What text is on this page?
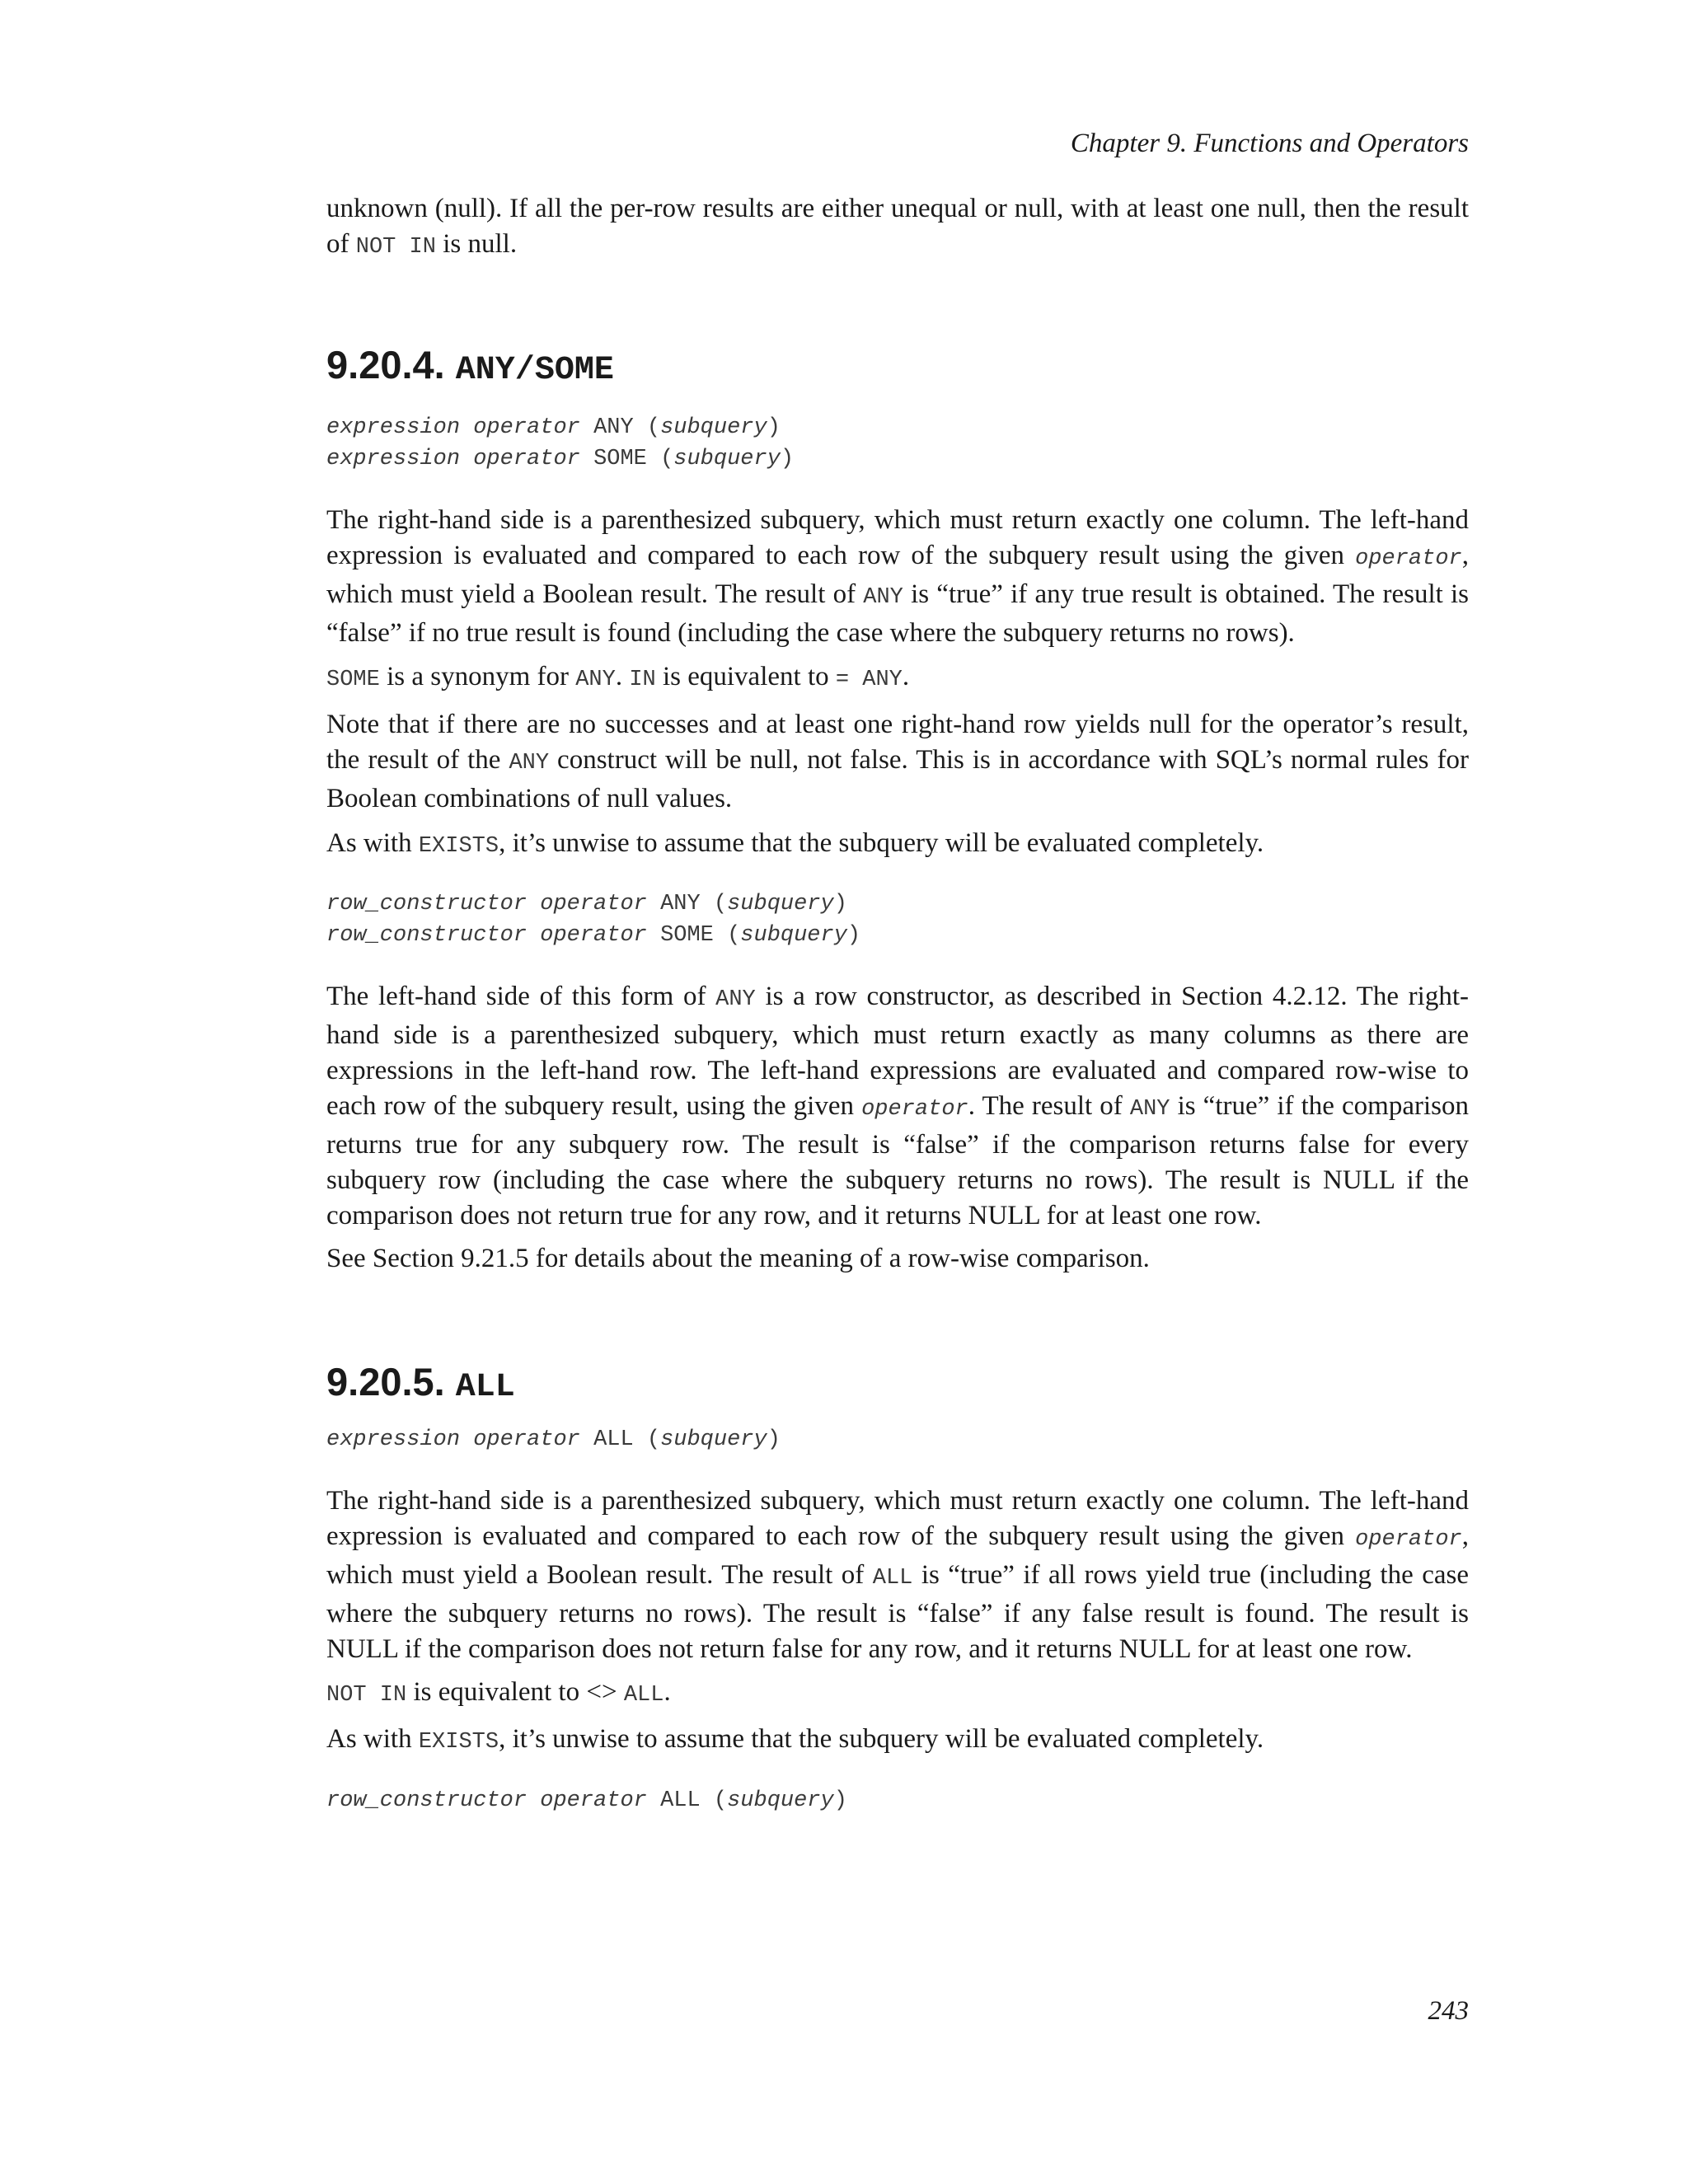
Chapter 9. Functions and Operators

unknown (null). If all the per-row results are either unequal or null, with at least one null, then the result of NOT IN is null.

9.20.4. ANY/SOME
expression operator ANY (subquery)
expression operator SOME (subquery)

The right-hand side is a parenthesized subquery, which must return exactly one column. The left-hand expression is evaluated and compared to each row of the subquery result using the given operator, which must yield a Boolean result. The result of ANY is “true” if any true result is obtained. The result is “false” if no true result is found (including the case where the subquery returns no rows).

SOME is a synonym for ANY. IN is equivalent to = ANY.

Note that if there are no successes and at least one right-hand row yields null for the operator’s result, the result of the ANY construct will be null, not false. This is in accordance with SQL’s normal rules for Boolean combinations of null values.

As with EXISTS, it’s unwise to assume that the subquery will be evaluated completely.

row_constructor operator ANY (subquery)
row_constructor operator SOME (subquery)

The left-hand side of this form of ANY is a row constructor, as described in Section 4.2.12. The right-hand side is a parenthesized subquery, which must return exactly as many columns as there are expressions in the left-hand row. The left-hand expressions are evaluated and compared row-wise to each row of the subquery result, using the given operator. The result of ANY is “true” if the comparison returns true for any subquery row. The result is “false” if the comparison returns false for every subquery row (including the case where the subquery returns no rows). The result is NULL if the comparison does not return true for any row, and it returns NULL for at least one row.

See Section 9.21.5 for details about the meaning of a row-wise comparison.

9.20.5. ALL
expression operator ALL (subquery)

The right-hand side is a parenthesized subquery, which must return exactly one column. The left-hand expression is evaluated and compared to each row of the subquery result using the given operator, which must yield a Boolean result. The result of ALL is “true” if all rows yield true (including the case where the subquery returns no rows). The result is “false” if any false result is found. The result is NULL if the comparison does not return false for any row, and it returns NULL for at least one row.

NOT IN is equivalent to <> ALL.

As with EXISTS, it’s unwise to assume that the subquery will be evaluated completely.

row_constructor operator ALL (subquery)
243
